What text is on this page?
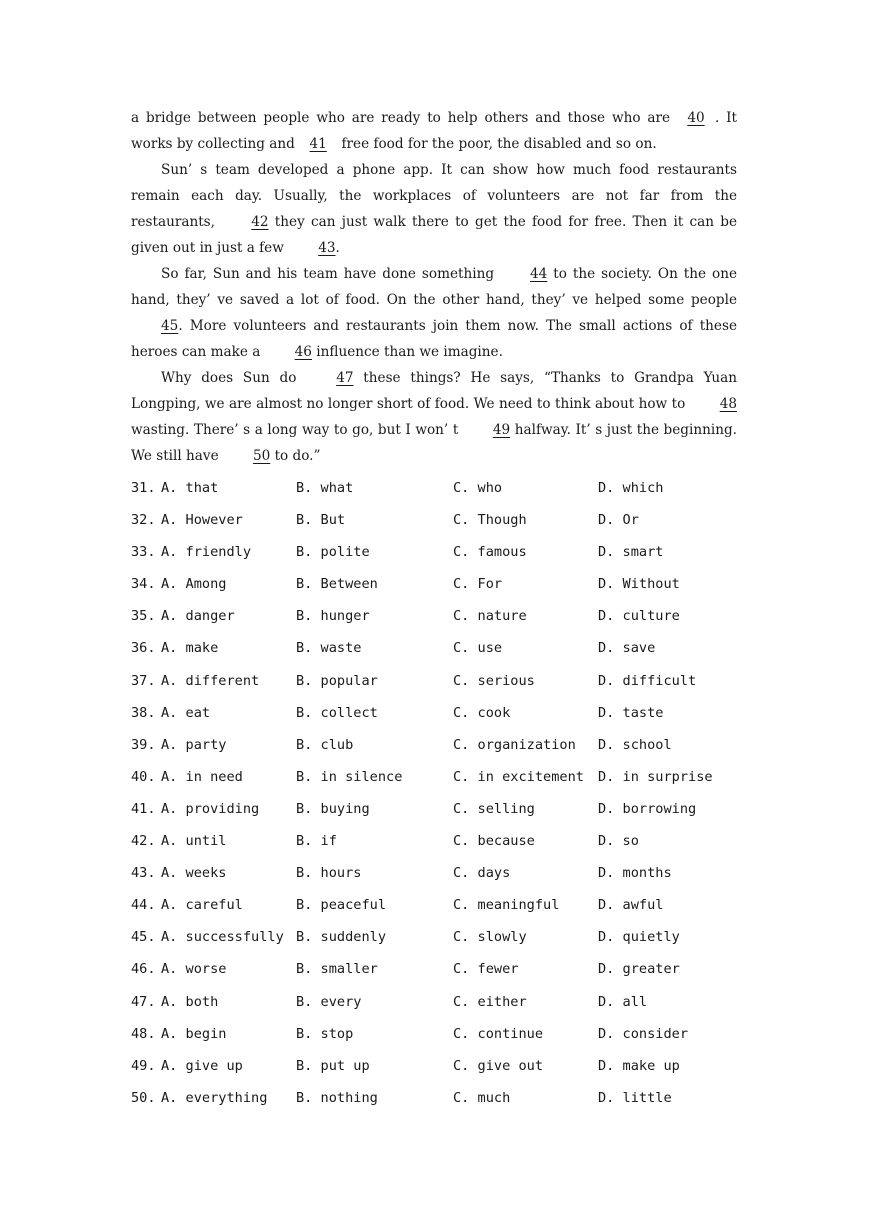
a bridge between people who are ready to help others and those who are 40 . It works by collecting and 41 free food for the poor, the disabled and so on.

Sun’ s team developed a phone app. It can show how much food restaurants remain each day. Usually, the workplaces of volunteers are not far from the restaurants, 42 they can just walk there to get the food for free. Then it can be given out in just a few 43.

So far, Sun and his team have done something 44 to the society. On the one hand, they’ ve saved a lot of food. On the other hand, they’ ve helped some people 45. More volunteers and restaurants join them now. The small actions of these heroes can make a 46 influence than we imagine.

Why does Sun do 47 these things? He says, “Thanks to Grandpa Yuan Longping, we are almost no longer short of food. We need to think about how to 48 wasting. There’ s a long way to go, but I won’ t 49 halfway. It’ s just the beginning. We still have 50 to do.”

31. A. that	B. what	C. who	D. which
32. A. However	B. But	C. Though	D. Or
33. A. friendly	B. polite	C. famous	D. smart
34. A. Among	B. Between	C. For	D. Without
35. A. danger	B. hunger	C. nature	D. culture
36. A. make	B. waste	C. use	D. save
37. A. different	B. popular	C. serious	D. difficult
38. A. eat	B. collect	C. cook	D. taste
39. A. party	B. club	C. organization D. school
40. A. in need	B. in silence	C. in excitement D. in surprise
41. A. providing	B. buying	C. selling	D. borrowing
42. A. until	B. if	C. because	D. so
43. A. weeks	B. hours	C. days	D. months
44. A. careful	B. peaceful	C. meaningful	D. awful
45. A. successfully B. suddenly	C. slowly	D. quietly
46. A. worse	B. smaller	C. fewer	D. greater
47. A. both	B. every	C. either	D. all
48. A. begin	B. stop	C. continue	D. consider
49. A. give up	B. put up	C. give out	D. make up
50. A. everything B. nothing	C. much	D. little
